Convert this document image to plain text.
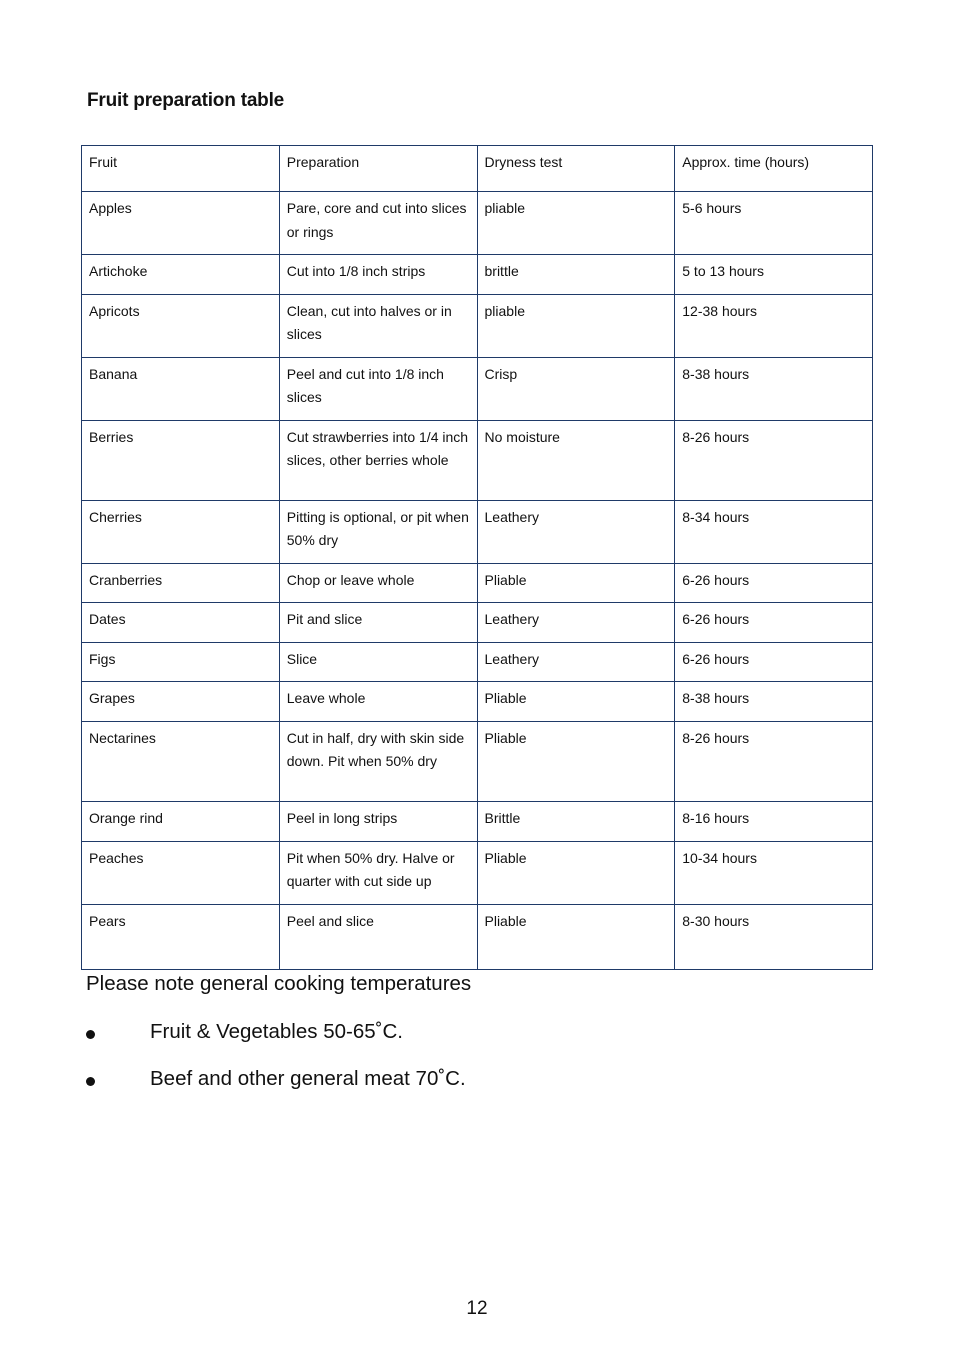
Fruit preparation table
Fruit	Preparation	Dryness test	Approx. time (hours)
Apples	Pare, core and cut into slices or rings	pliable	5-6 hours
Artichoke	Cut into 1/8 inch strips	brittle	5 to 13 hours
Apricots	Clean, cut into halves or in slices	pliable	12-38 hours
Banana	Peel and cut into 1/8 inch slices	Crisp	8-38 hours
Berries	Cut strawberries into 1/4 inch slices, other berries whole	No moisture	8-26 hours
Cherries	Pitting is optional, or pit when 50% dry	Leathery	8-34 hours
Cranberries	Chop or leave whole	Pliable	6-26 hours
Dates	Pit and slice	Leathery	6-26 hours
Figs	Slice	Leathery	6-26 hours
Grapes	Leave whole	Pliable	8-38 hours
Nectarines	Cut in half, dry with skin side down. Pit when 50% dry	Pliable	8-26 hours
Orange rind	Peel in long strips	Brittle	8-16 hours
Peaches	Pit when 50% dry. Halve or quarter with cut side up	Pliable	10-34 hours
Pears	Peel and slice	Pliable	8-30 hours
Please note general cooking temperatures
Fruit & Vegetables 50-65˚C.
Beef and other general meat 70˚C.
12
